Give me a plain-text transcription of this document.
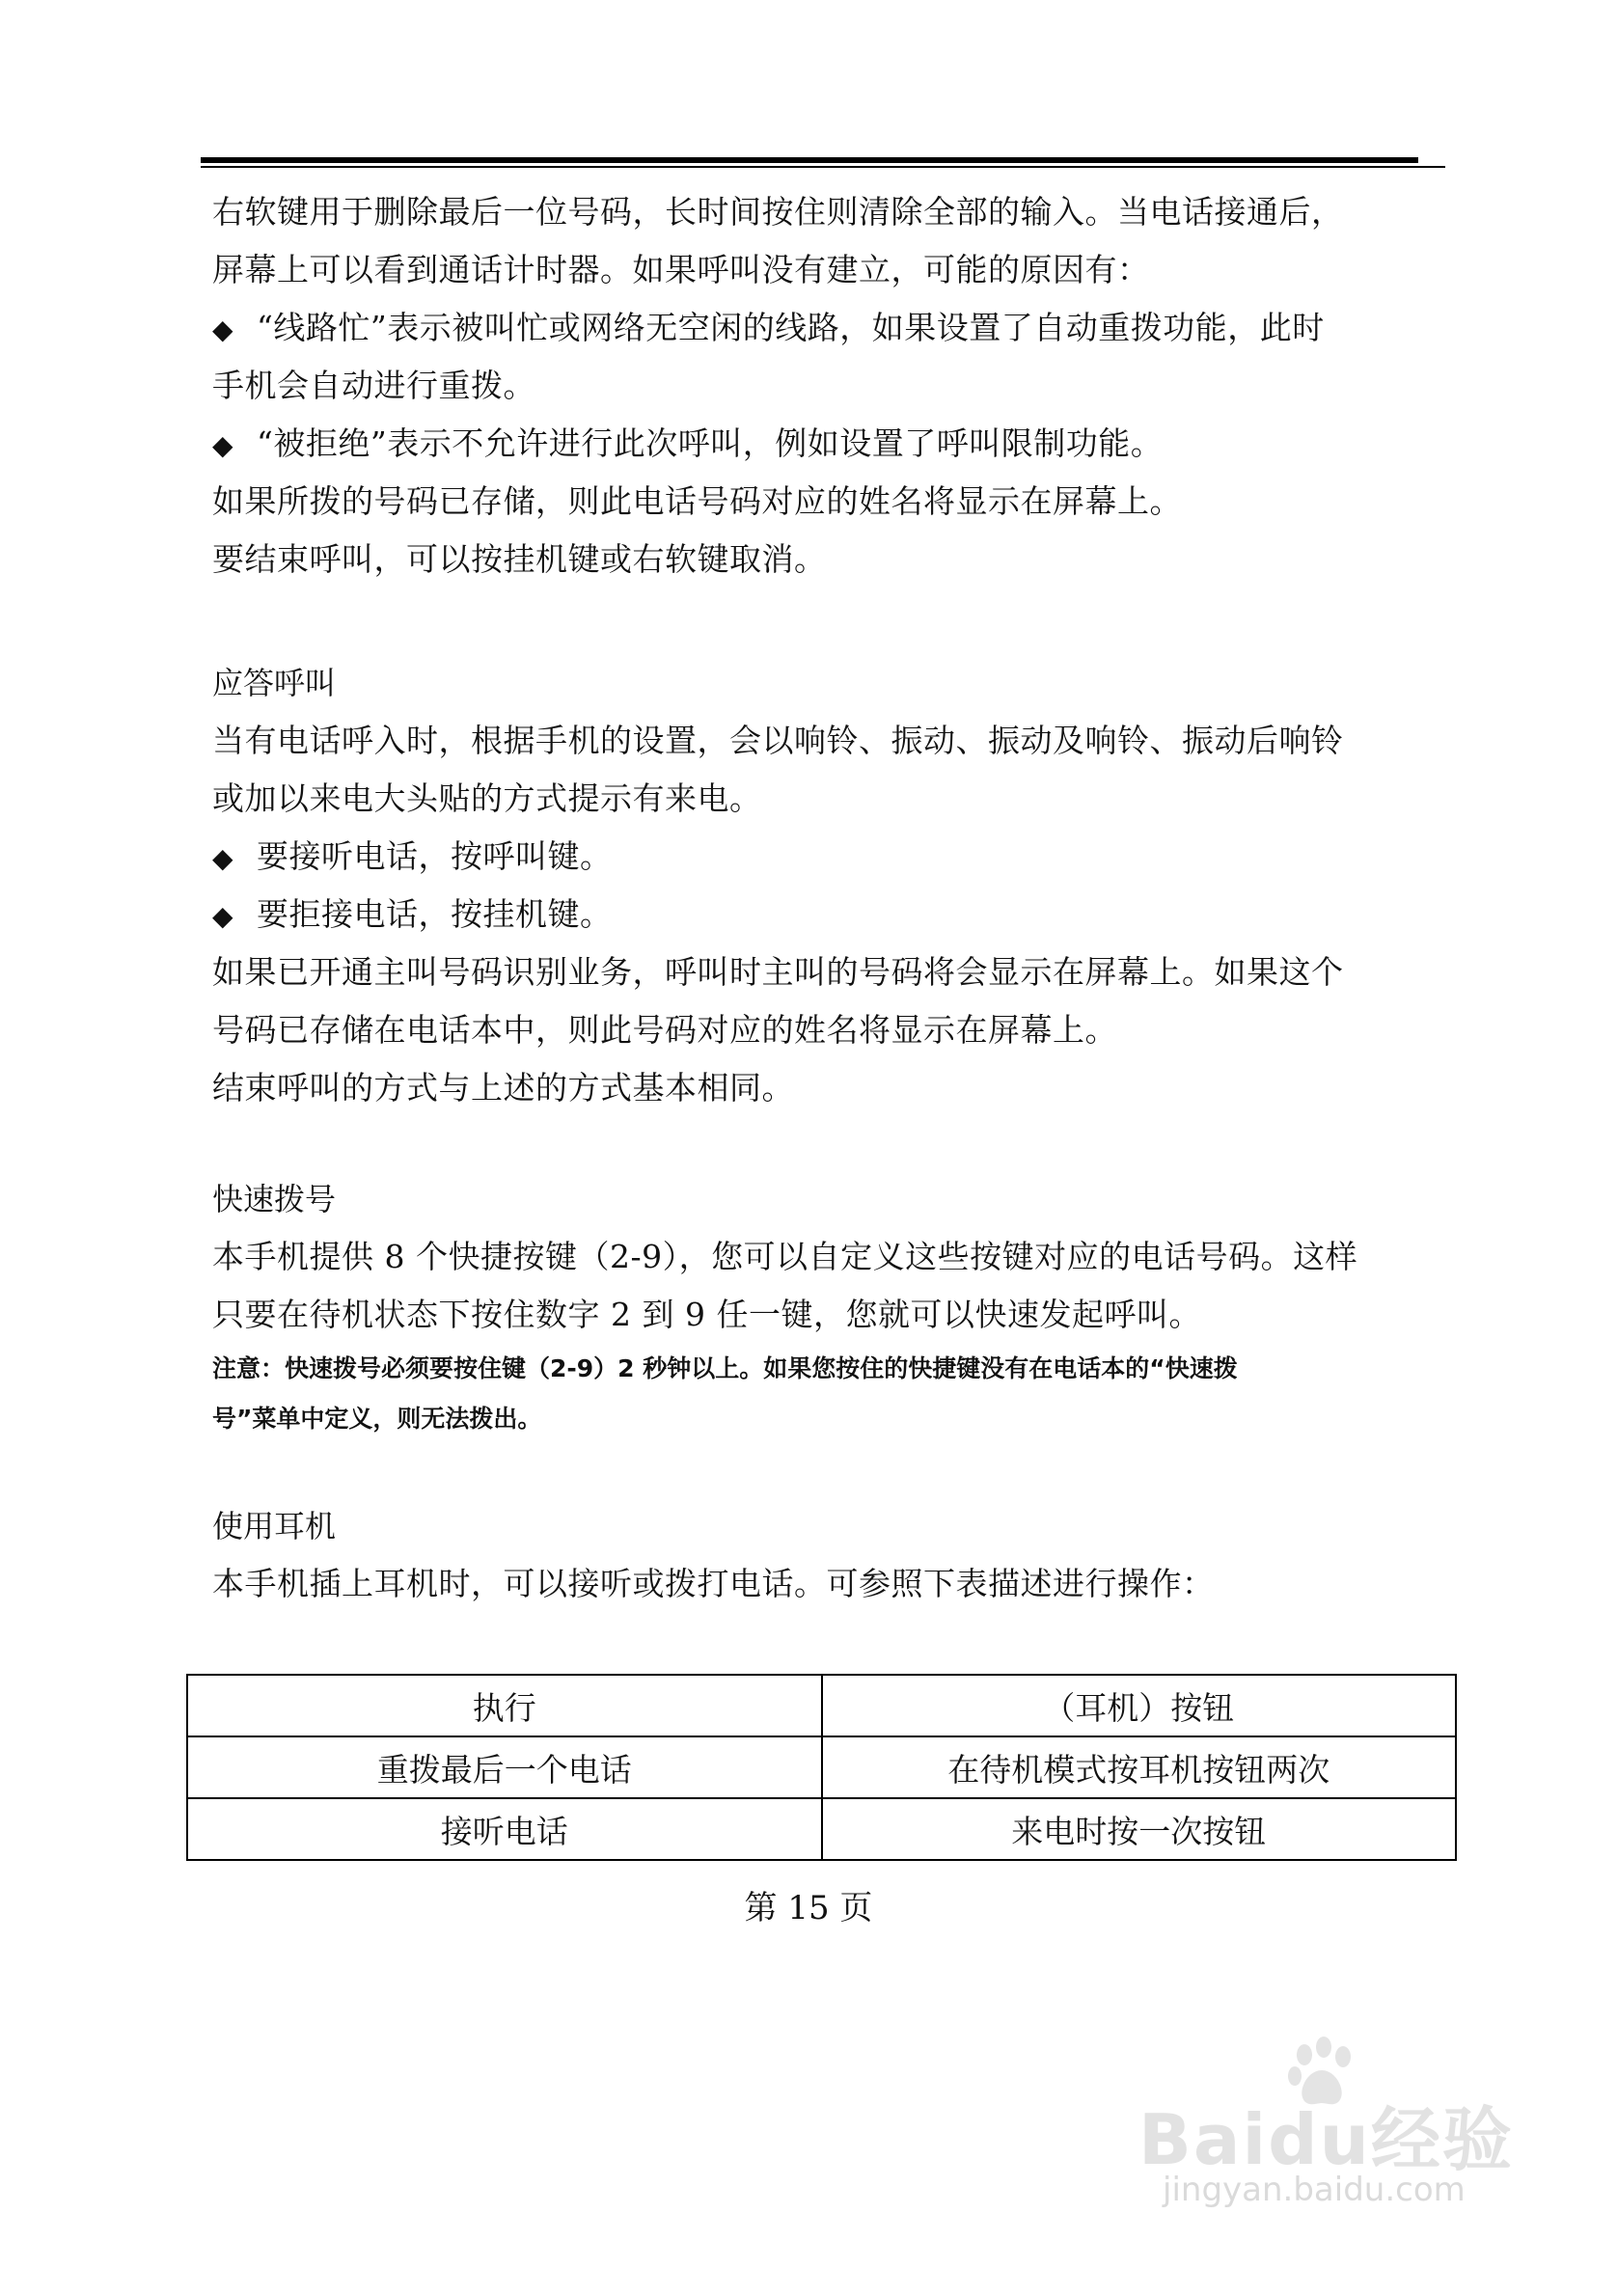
右软键用于删除最后一位号码，长时间按住则清除全部的输入。当电话接通后，
屏幕上可以看到通话计时器。如果呼叫没有建立，可能的原因有：
◆ “线路忙”表示被叫忙或网络无空闲的线路，如果设置了自动重拨功能，此时
手机会自动进行重拨。
◆ “被拒绝”表示不允许进行此次呼叫，例如设置了呼叫限制功能。
如果所拨的号码已存储，则此电话号码对应的姓名将显示在屏幕上。
要结束呼叫，可以按挂机键或右软键取消。
应答呼叫
当有电话呼入时，根据手机的设置，会以响铃、振动、振动及响铃、振动后响铃
或加以来电大头贴的方式提示有来电。
◆ 要接听电话，按呼叫键。
◆ 要拒接电话，按挂机键。
如果已开通主叫号码识别业务，呼叫时主叫的号码将会显示在屏幕上。如果这个
号码已存储在电话本中，则此号码对应的姓名将显示在屏幕上。
结束呼叫的方式与上述的方式基本相同。
快速拨号
本手机提供 8 个快捷按键（2-9），您可以自定义这些按键对应的电话号码。这样
只要在待机状态下按住数字 2 到 9 任一键，您就可以快速发起呼叫。
注意：快速拨号必须要按住键（2-9）2 秒钟以上。如果您按住的快捷键没有在电话本的“快速拨
号”菜单中定义，则无法拨出。
使用耳机
本手机插上耳机时，可以接听或拨打电话。可参照下表描述进行操作：
执行	（耳机）按钮
重拨最后一个电话	在待机模式按耳机按钮两次
接听电话	来电时按一次按钮
第 15 页
Baidu经验
jingyan.baidu.com
